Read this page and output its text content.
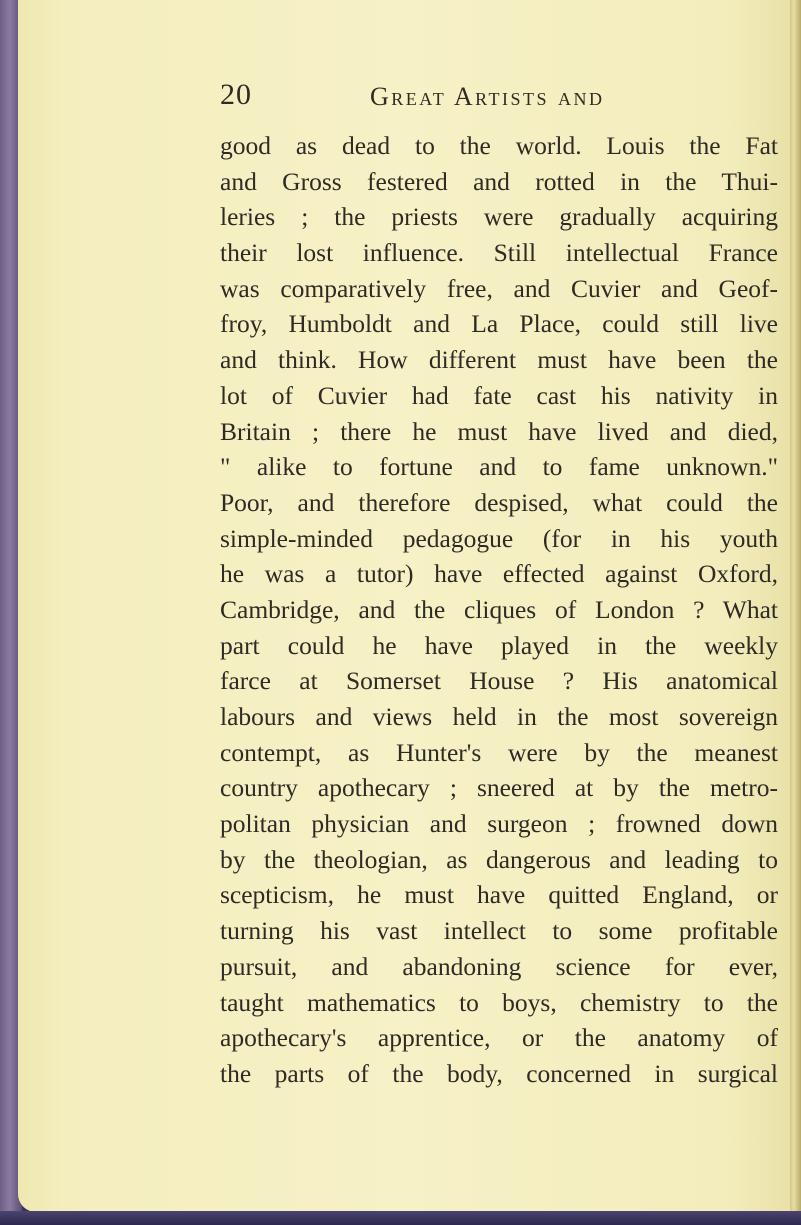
20	Great Artists and
good as dead to the world. Louis the Fat
and Gross festered and rotted in the Thui-
leries ; the priests were gradually acquiring
their lost influence. Still intellectual France
was comparatively free, and Cuvier and Geof-
froy, Humboldt and La Place, could still live
and think. How different must have been the
lot of Cuvier had fate cast his nativity in
Britain ; there he must have lived and died,
" alike to fortune and to fame unknown."
Poor, and therefore despised, what could the
simple-minded pedagogue (for in his youth
he was a tutor) have effected against Oxford,
Cambridge, and the cliques of London ? What
part could he have played in the weekly
farce at Somerset House ? His anatomical
labours and views held in the most sovereign
contempt, as Hunter's were by the meanest
country apothecary ; sneered at by the metro-
politan physician and surgeon ; frowned down
by the theologian, as dangerous and leading to
scepticism, he must have quitted England, or
turning his vast intellect to some profitable
pursuit, and abandoning science for ever,
taught mathematics to boys, chemistry to the
apothecary's apprentice, or the anatomy of
the parts of the body, concerned in surgical
